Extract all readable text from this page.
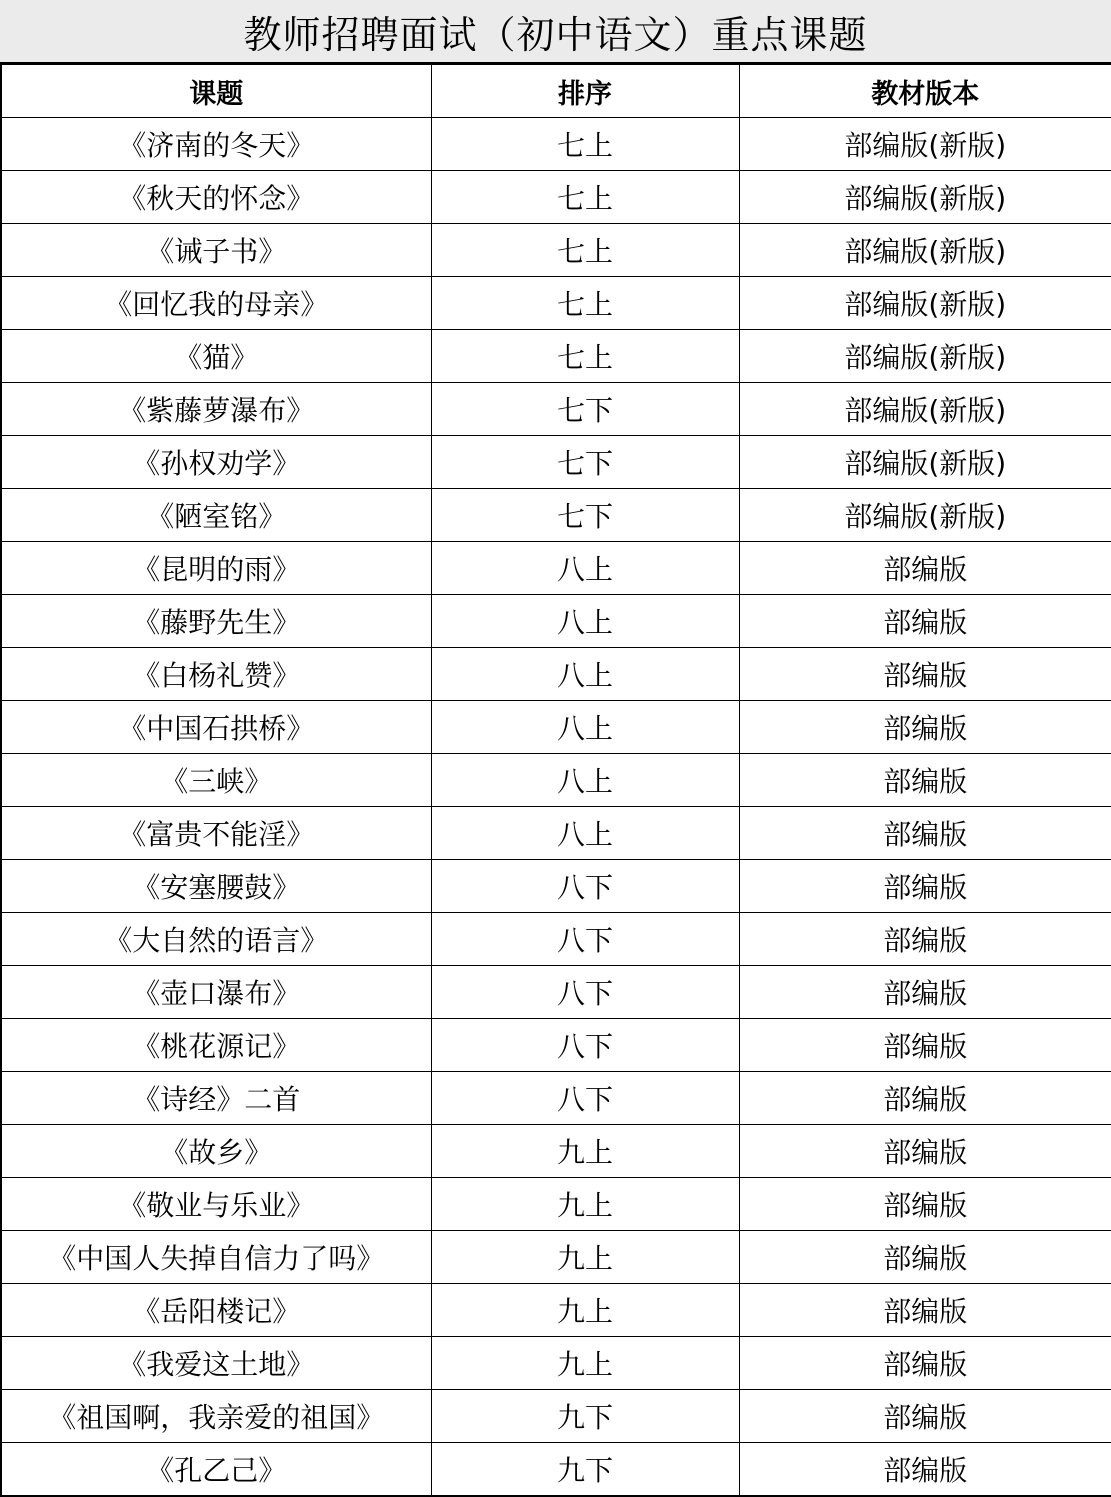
教师招聘面试（初中语文）重点课题
课题	排序	教材版本
《济南的冬天》	七上	部编版(新版)
《秋天的怀念》	七上	部编版(新版)
《诫子书》	七上	部编版(新版)
《回忆我的母亲》	七上	部编版(新版)
《猫》	七上	部编版(新版)
《紫藤萝瀑布》	七下	部编版(新版)
《孙权劝学》	七下	部编版(新版)
《陋室铭》	七下	部编版(新版)
《昆明的雨》	八上	部编版
《藤野先生》	八上	部编版
《白杨礼赞》	八上	部编版
《中国石拱桥》	八上	部编版
《三峡》	八上	部编版
《富贵不能淫》	八上	部编版
《安塞腰鼓》	八下	部编版
《大自然的语言》	八下	部编版
《壶口瀑布》	八下	部编版
《桃花源记》	八下	部编版
《诗经》二首	八下	部编版
《故乡》	九上	部编版
《敬业与乐业》	九上	部编版
《中国人失掉自信力了吗》	九上	部编版
《岳阳楼记》	九上	部编版
《我爱这土地》	九上	部编版
《祖国啊，我亲爱的祖国》	九下	部编版
《孔乙己》	九下	部编版
